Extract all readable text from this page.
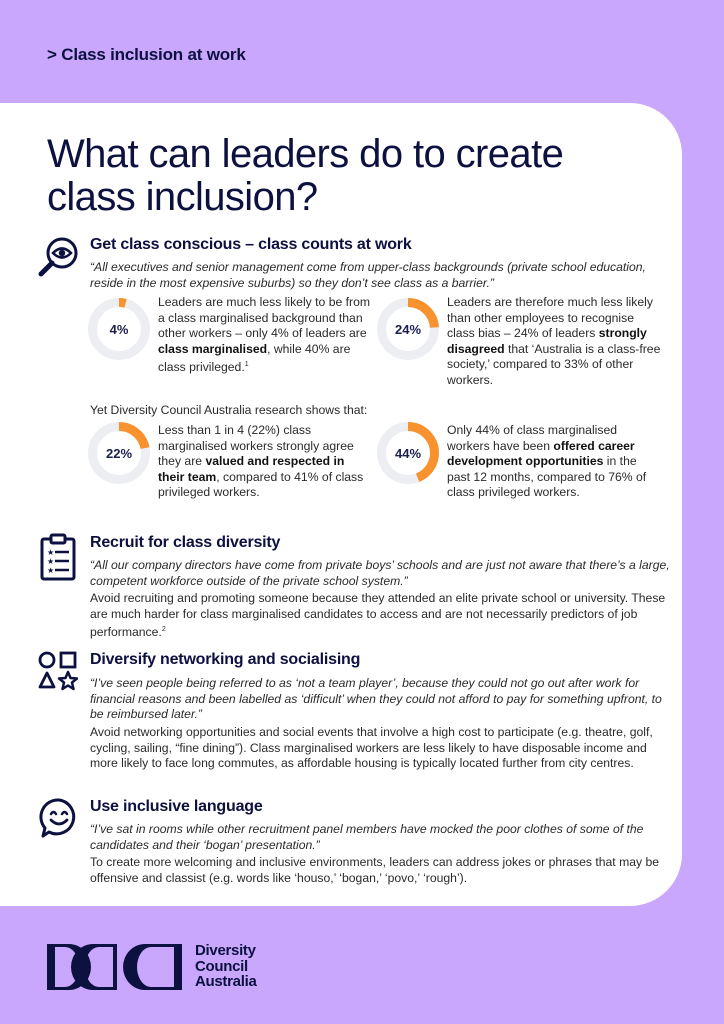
> Class inclusion at work
What can leaders do to create class inclusion?
Get class conscious – class counts at work
“All executives and senior management come from upper-class backgrounds (private school education, reside in the most expensive suburbs) so they don’t see class as a barrier.”
4%
Leaders are much less likely to be from a class marginalised background than other workers – only 4% of leaders are class marginalised, while 40% are class privileged.$^1$
24%
Leaders are therefore much less likely than other employees to recognise class bias – 24% of leaders strongly disagreed that ‘Australia is a class-free society,’ compared to 33% of other workers.
Yet Diversity Council Australia research shows that:
22%
Less than 1 in 4 (22%) class marginalised workers strongly agree they are valued and respected in their team, compared to 41% of class privileged workers.
44%
Only 44% of class marginalised workers have been offered career development opportunities in the past 12 months, compared to 76% of class privileged workers.
★
★
★
Recruit for class diversity
“All our company directors have come from private boys’ schools and are just not aware that there’s a large, competent workforce outside of the private school system.”
Avoid recruiting and promoting someone because they attended an elite private school or university. These are much harder for class marginalised candidates to access and are not necessarily predictors of job performance.$^2$
Diversify networking and socialising
“I’ve seen people being referred to as ‘not a team player’, because they could not go out after work for financial reasons and been labelled as ‘difficult’ when they could not afford to pay for something upfront, to be reimbursed later.”
Avoid networking opportunities and social events that involve a high cost to participate (e.g. theatre, golf, cycling, sailing, “fine dining”). Class marginalised workers are less likely to have disposable income and more likely to face long commutes, as affordable housing is typically located further from city centres.
Use inclusive language
“I’ve sat in rooms while other recruitment panel members have mocked the poor clothes of some of the candidates and their ‘bogan’ presentation.”
To create more welcoming and inclusive environments, leaders can address jokes or phrases that may be offensive and classist (e.g. words like ‘houso,’ ‘bogan,’ ‘povo,’ ‘rough’).
Diversity
Council
Australia
